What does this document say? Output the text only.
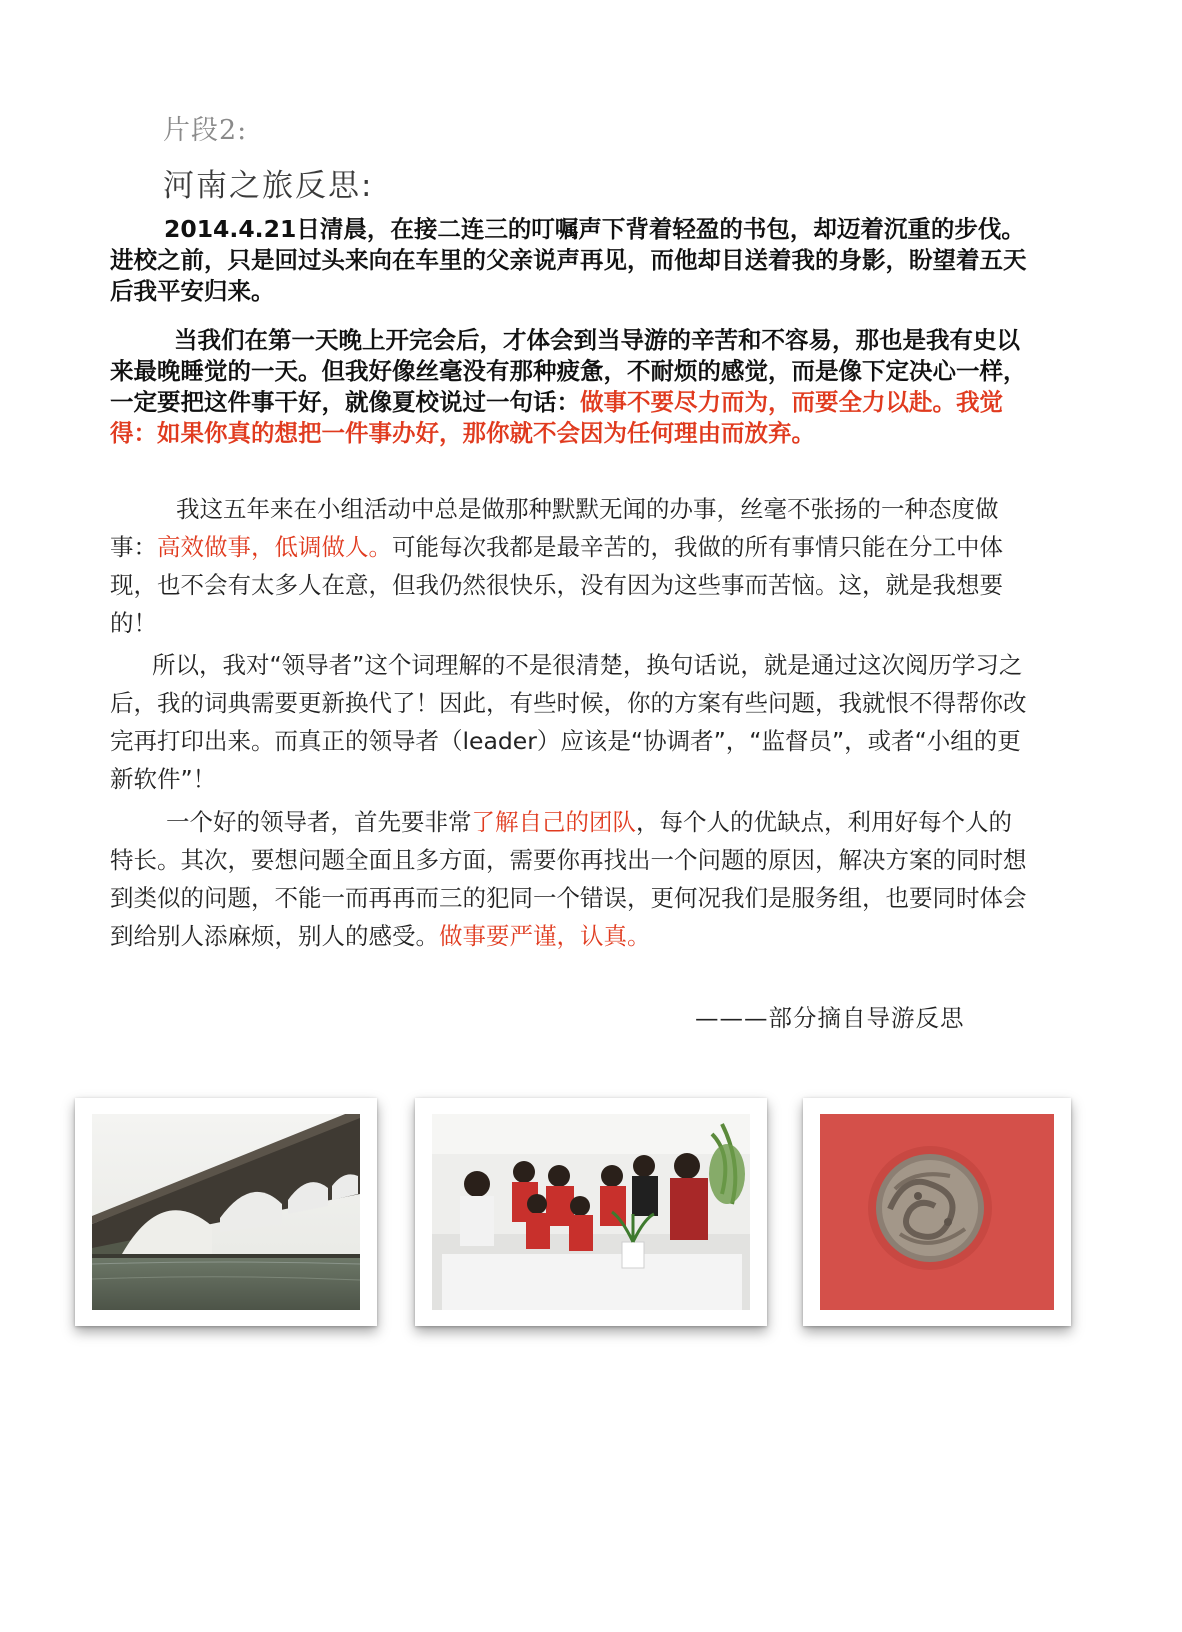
片段2:
河南之旅反思:
2014.4.21日清晨，在接二连三的叮嘱声下背着轻盈的书包，却迈着沉重的步伐。进校之前，只是回过头来向在车里的父亲说声再见，而他却目送着我的身影，盼望着五天后我平安归来。
当我们在第一天晚上开完会后，才体会到当导游的辛苦和不容易，那也是我有史以来最晚睡觉的一天。但我好像丝毫没有那种疲惫，不耐烦的感觉，而是像下定决心一样，一定要把这件事干好，就像夏校说过一句话：做事不要尽力而为，而要全力以赴。我觉得：如果你真的想把一件事办好，那你就不会因为任何理由而放弃。
我这五年来在小组活动中总是做那种默默无闻的办事，丝毫不张扬的一种态度做事：高效做事，低调做人。可能每次我都是最辛苦的，我做的所有事情只能在分工中体现，也不会有太多人在意，但我仍然很快乐，没有因为这些事而苦恼。这，就是我想要的！
所以，我对“领导者”这个词理解的不是很清楚，换句话说，就是通过这次阅历学习之后，我的词典需要更新换代了！因此，有些时候，你的方案有些问题，我就恨不得帮你改完再打印出来。而真正的领导者（leader）应该是“协调者”，“监督员”，或者“小组的更新软件”！
一个好的领导者，首先要非常了解自己的团队，每个人的优缺点，利用好每个人的特长。其次，要想问题全面且多方面，需要你再找出一个问题的原因，解决方案的同时想到类似的问题，不能一而再再而三的犯同一个错误，更何况我们是服务组，也要同时体会到给别人添麻烦，别人的感受。做事要严谨，认真。
———部分摘自导游反思
